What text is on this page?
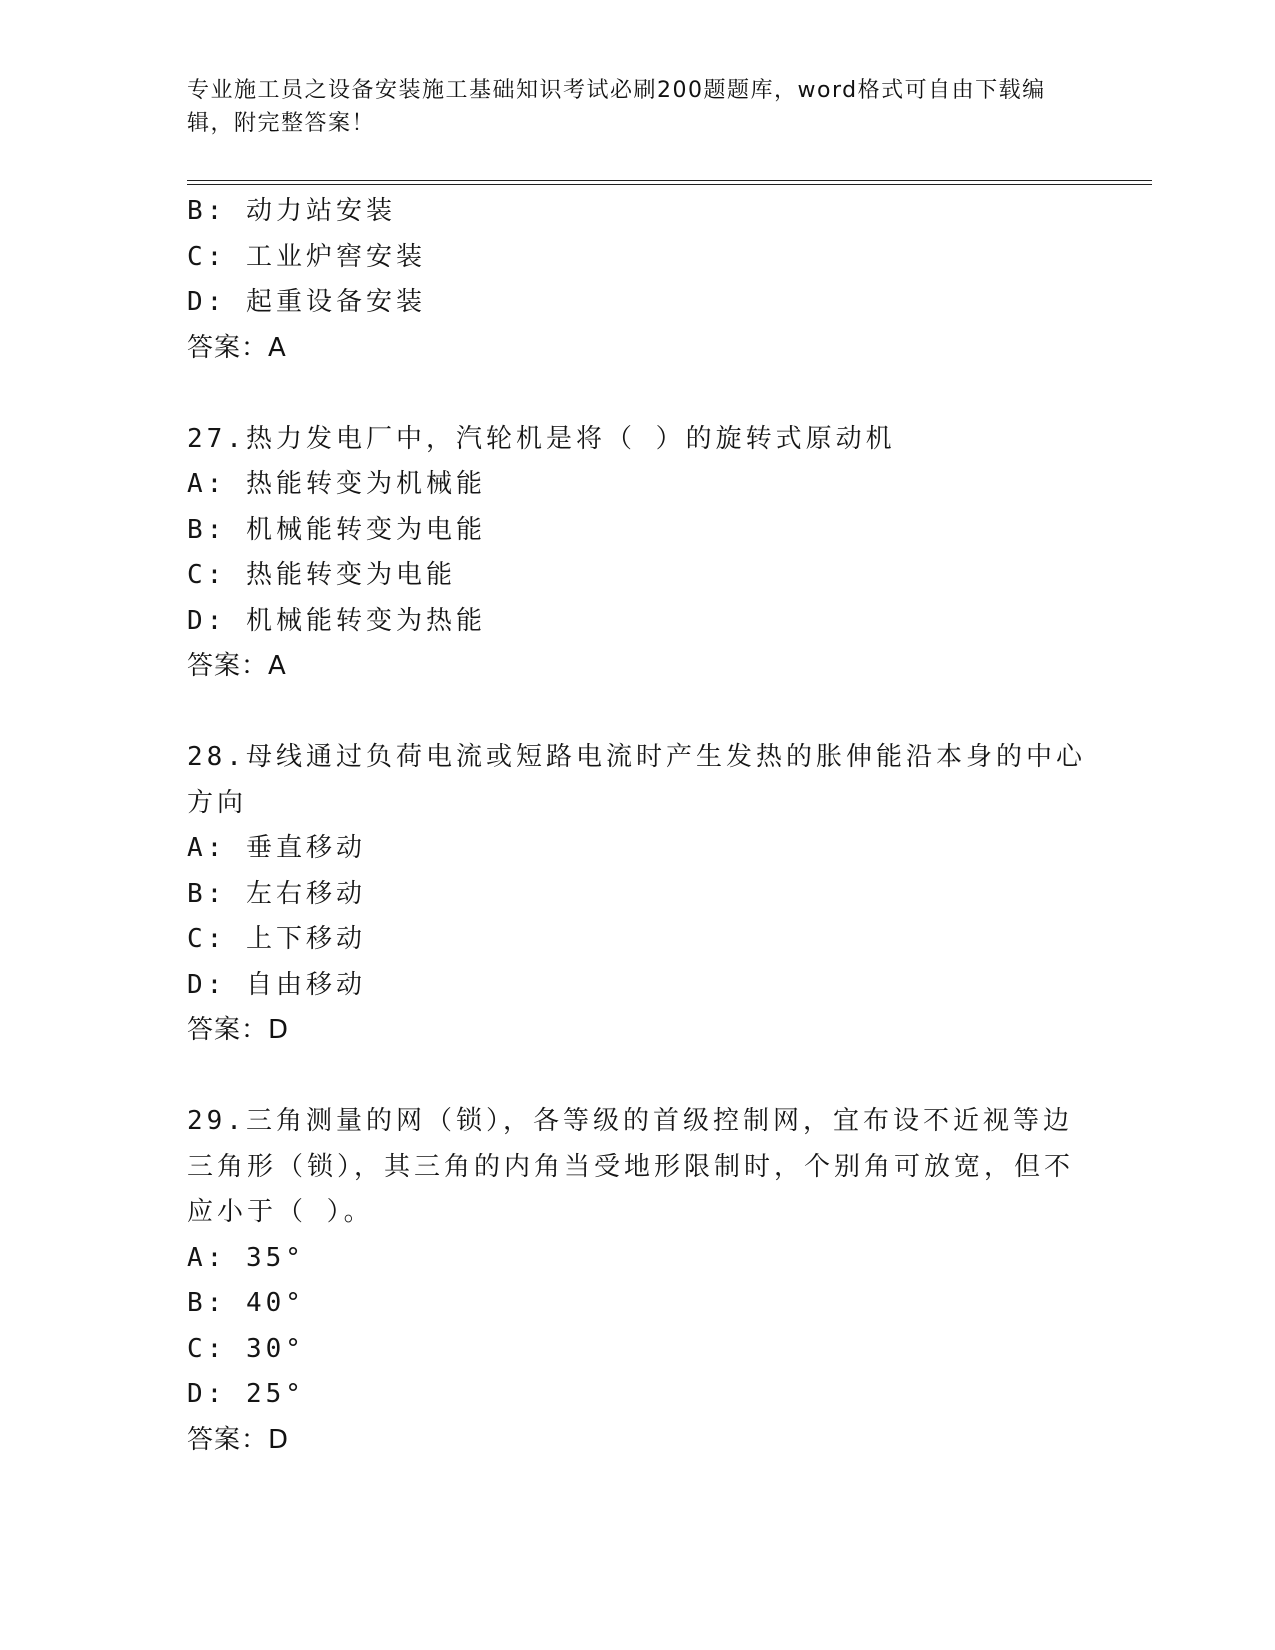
专业施工员之设备安装施工基础知识考试必刷200题题库，word格式可自由下载编辑，附完整答案！
B: 动力站安装
C: 工业炉窖安装
D: 起重设备安装
答案：A
27.热力发电厂中，汽轮机是将（ ）的旋转式原动机
A: 热能转变为机械能
B: 机械能转变为电能
C: 热能转变为电能
D: 机械能转变为热能
答案：A
28.母线通过负荷电流或短路电流时产生发热的胀伸能沿本身的中心方向
A: 垂直移动
B: 左右移动
C: 上下移动
D: 自由移动
答案：D
29.三角测量的网（锁），各等级的首级控制网，宜布设不近视等边三角形（锁），其三角的内角当受地形限制时，个别角可放宽，但不应小于（ ）。
A: 35°
B: 40°
C: 30°
D: 25°
答案：D
